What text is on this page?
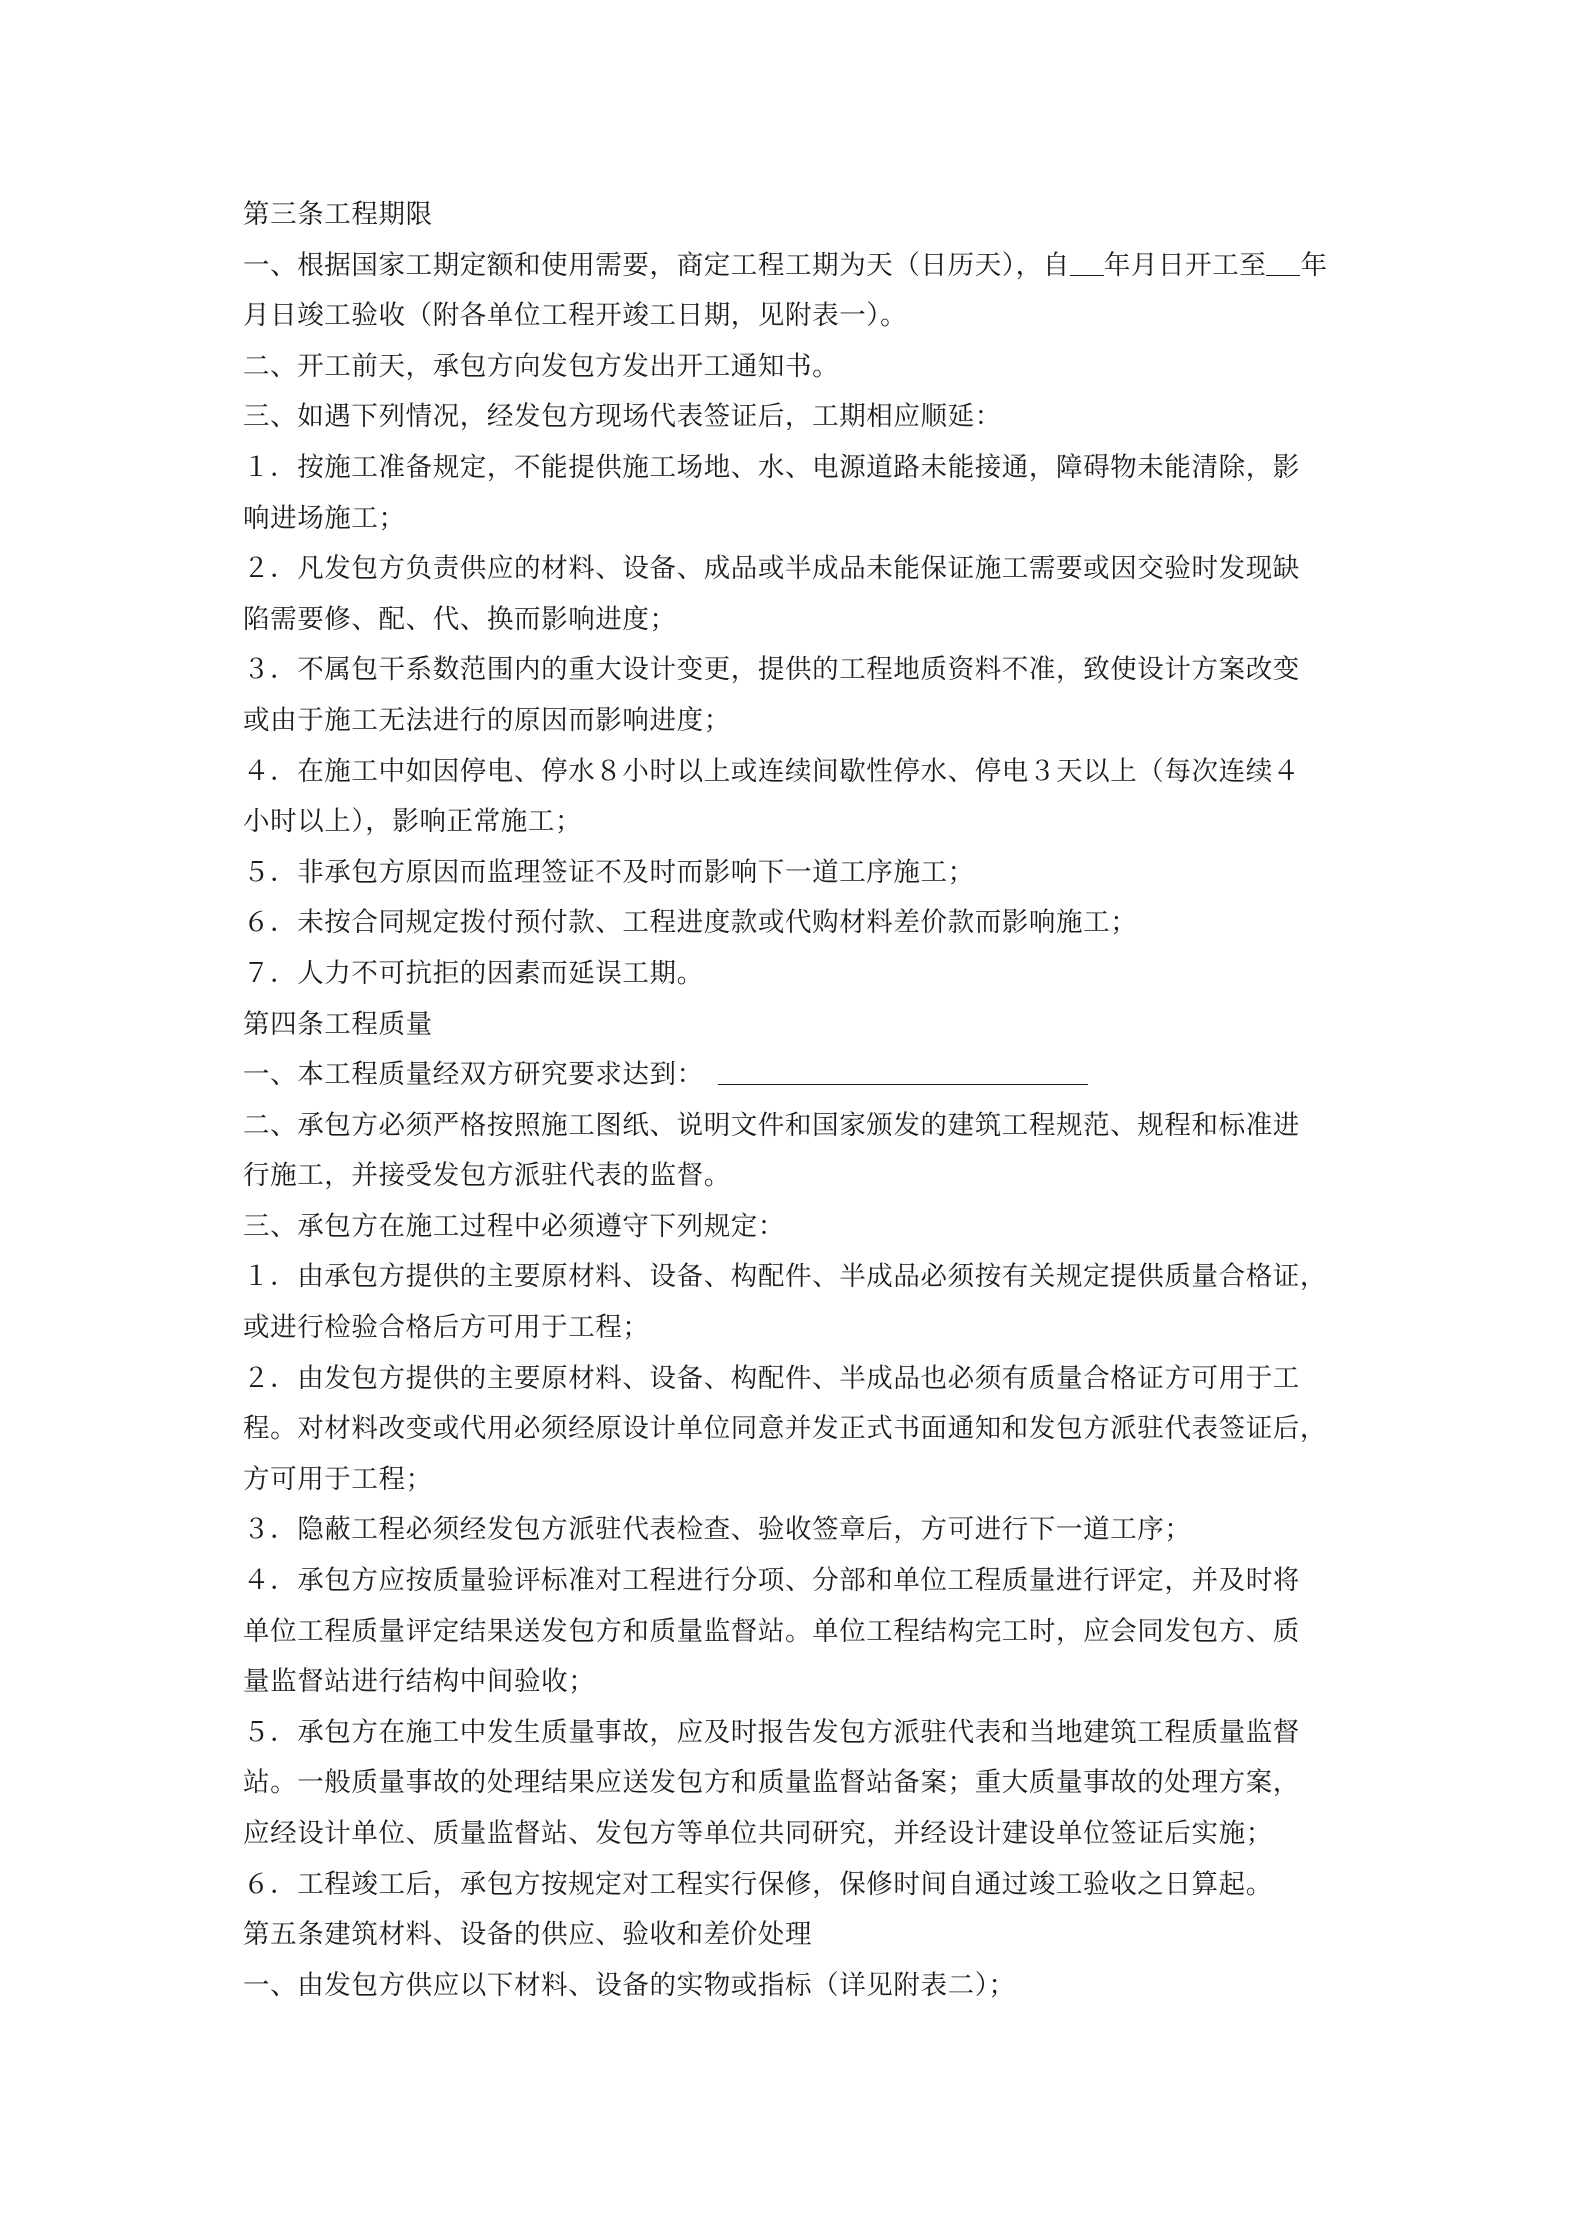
第三条工程期限
一、根据国家工期定额和使用需要，商定工程工期为天（日历天），自 年月日开工至 年
月日竣工验收（附各单位工程开竣工日期，见附表一）。
二、开工前天，承包方向发包方发出开工通知书。
三、如遇下列情况，经发包方现场代表签证后，工期相应顺延：
１．按施工准备规定，不能提供施工场地、水、电源道路未能接通，障碍物未能清除，影
响进场施工；
２．凡发包方负责供应的材料、设备、成品或半成品未能保证施工需要或因交验时发现缺
陷需要修、配、代、换而影响进度；
３．不属包干系数范围内的重大设计变更，提供的工程地质资料不准，致使设计方案改变
或由于施工无法进行的原因而影响进度；
４．在施工中如因停电、停水８小时以上或连续间歇性停水、停电３天以上（每次连续４
小时以上），影响正常施工；
５．非承包方原因而监理签证不及时而影响下一道工序施工；
６．未按合同规定拨付预付款、工程进度款或代购材料差价款而影响施工；
７．人力不可抗拒的因素而延误工期。
第四条工程质量
一、本工程质量经双方研究要求达到：
二、承包方必须严格按照施工图纸、说明文件和国家颁发的建筑工程规范、规程和标准进
行施工，并接受发包方派驻代表的监督。
三、承包方在施工过程中必须遵守下列规定：
１．由承包方提供的主要原材料、设备、构配件、半成品必须按有关规定提供质量合格证，
或进行检验合格后方可用于工程；
２．由发包方提供的主要原材料、设备、构配件、半成品也必须有质量合格证方可用于工
程。对材料改变或代用必须经原设计单位同意并发正式书面通知和发包方派驻代表签证后，
方可用于工程；
３．隐蔽工程必须经发包方派驻代表检查、验收签章后，方可进行下一道工序；
４．承包方应按质量验评标准对工程进行分项、分部和单位工程质量进行评定，并及时将
单位工程质量评定结果送发包方和质量监督站。单位工程结构完工时，应会同发包方、质
量监督站进行结构中间验收；
５．承包方在施工中发生质量事故，应及时报告发包方派驻代表和当地建筑工程质量监督
站。一般质量事故的处理结果应送发包方和质量监督站备案；重大质量事故的处理方案，
应经设计单位、质量监督站、发包方等单位共同研究，并经设计建设单位签证后实施；
６．工程竣工后，承包方按规定对工程实行保修，保修时间自通过竣工验收之日算起。
第五条建筑材料、设备的供应、验收和差价处理
一、由发包方供应以下材料、设备的实物或指标（详见附表二）；
